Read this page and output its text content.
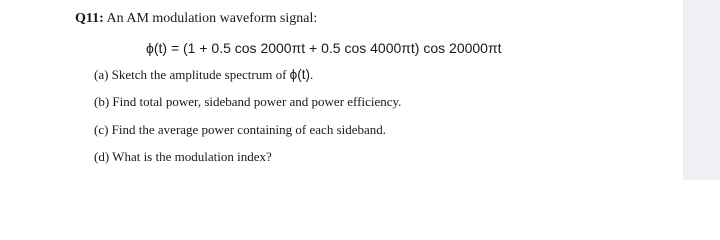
Q11: An AM modulation waveform signal:
ϕ(t) = (1 + 0.5 cos 2000πt + 0.5 cos 4000πt) cos 20000πt
(a) Sketch the amplitude spectrum of ϕ(t).
(b) Find total power, sideband power and power efficiency.
(c) Find the average power containing of each sideband.
(d) What is the modulation index?
